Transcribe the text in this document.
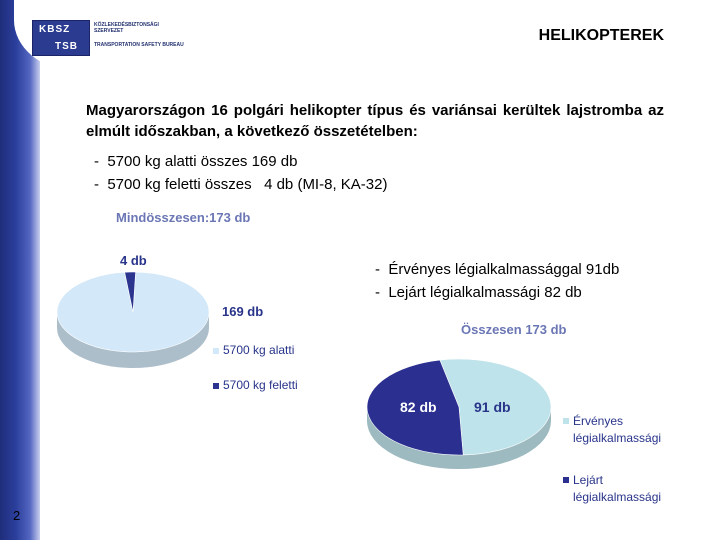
KBSZ
TSB
KÖZLEKEDÉSBIZTONSÁGI SZERVEZET
TRANSPORTATION SAFETY BUREAU
HELIKOPTEREK
Magyarországon 16 polgári helikopter típus és variánsai kerültek lajstromba az elmúlt időszakban, a következő összetételben:
-  5700 kg alatti összes 169 db
-  5700 kg feletti összes   4 db (MI-8, KA-32)
Mindösszesen:173 db
4 db
169 db
5700 kg alatti
5700 kg feletti
-  Érvényes légialkalmassággal 91db
-  Lejárt légialkalmassági 82 db
Összesen 173 db
82 db	91 db
Érvényes légialkalmassági
Lejárt légialkalmassági
2
